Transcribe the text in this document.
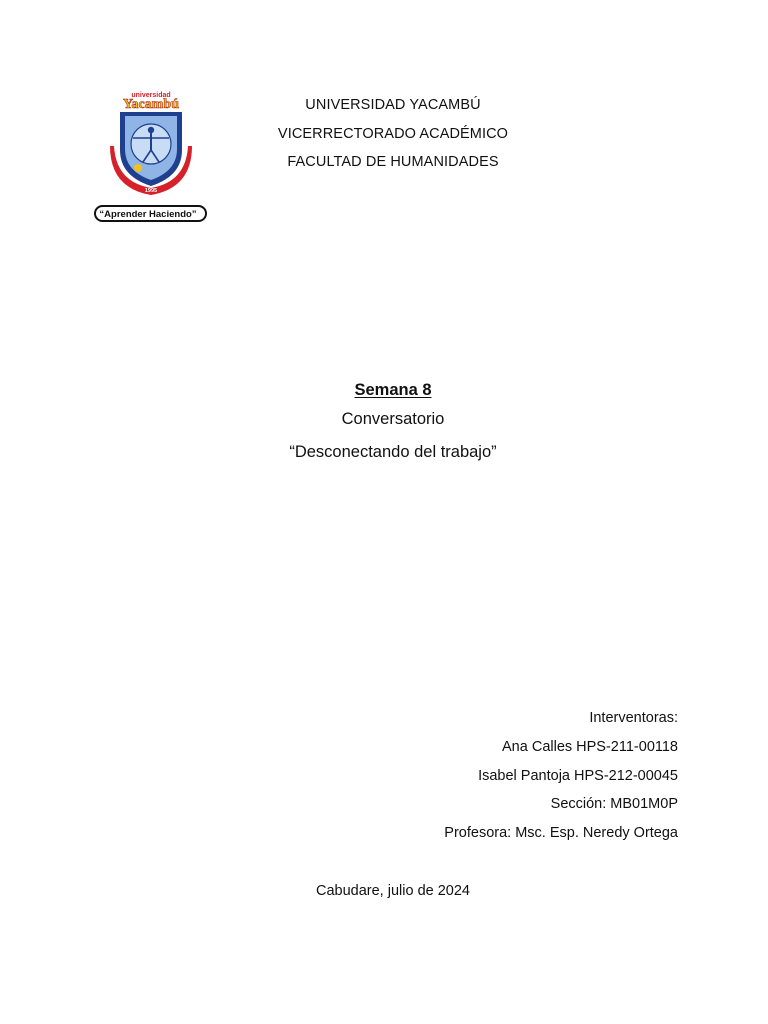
universidad
Yacambú
1995
“Aprender Haciendo”
UNIVERSIDAD YACAMBÚ
VICERRECTORADO ACADÉMICO
FACULTAD DE HUMANIDADES
Semana 8
Conversatorio
“Desconectando del trabajo”
Interventoras:
Ana Calles HPS-211-00118
Isabel Pantoja HPS-212-00045
Sección: MB01M0P
Profesora: Msc. Esp. Neredy Ortega
Cabudare, julio de 2024
